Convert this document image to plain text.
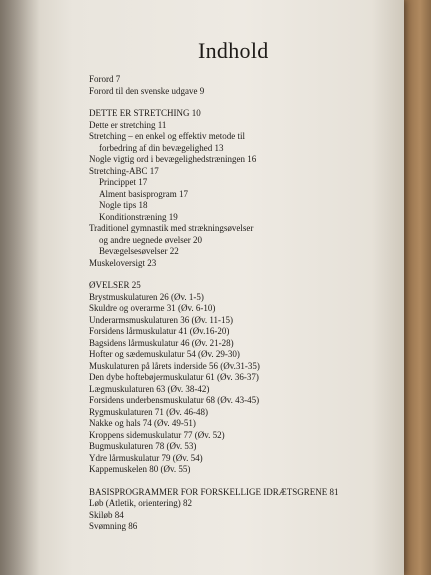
Indhold
Forord 7
Forord til den svenske udgave 9
DETTE ER STRETCHING 10
Dette er stretching 11
Stretching – en enkel og effektiv metode til
forbedring af din bevægelighed 13
Nogle vigtig ord i bevægelighedstræningen 16
Stretching-ABC 17
Princippet 17
Alment basisprogram 17
Nogle tips 18
Konditionstræning 19
Traditionel gymnastik med strækningsøvelser
og andre uegnede øvelser 20
Bevægelsesøvelser 22
Muskeloversigt 23
ØVELSER 25
Brystmuskulaturen 26 (Øv. 1-5)
Skuldre og overarme 31 (Øv. 6-10)
Underarmsmuskulaturen 36 (Øv. 11-15)
Forsidens lårmuskulatur 41 (Øv.16-20)
Bagsidens lårmuskulatur 46 (Øv. 21-28)
Hofter og sædemuskulatur 54 (Øv. 29-30)
Muskulaturen på lårets inderside 56 (Øv.31-35)
Den dybe hoftebøjermuskulatur 61 (Øv. 36-37)
Lægmuskulaturen 63 (Øv. 38-42)
Forsidens underbensmuskulatur 68 (Øv. 43-45)
Rygmuskulaturen 71 (Øv. 46-48)
Nakke og hals 74 (Øv. 49-51)
Kroppens sidemuskulatur 77 (Øv. 52)
Bugmuskulaturen 78 (Øv. 53)
Ydre lårmuskulatur 79 (Øv. 54)
Kappemuskelen 80 (Øv. 55)
BASISPROGRAMMER FOR FORSKELLIGE IDRÆTSGRENE 81
Løb (Atletik, orientering) 82
Skiløb 84
Svømning 86
